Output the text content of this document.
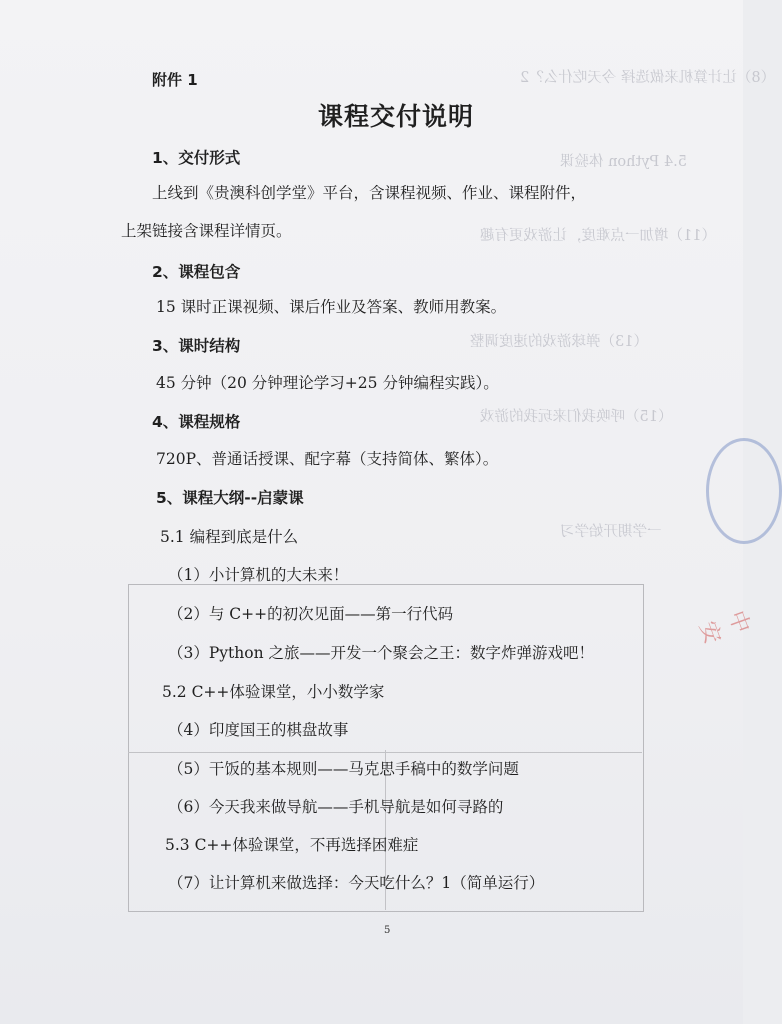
（8）让计算机来做选择 今天吃什么？2
5.4 Python 体验课
（11）增加一点难度，让游戏更有趣
（13）弹球游戏的速度调整
（15）呼唤我们来玩我的游戏
一学期开始学习
中 安
附件 1
课程交付说明
1、交付形式
上线到《贵澳科创学堂》平台，含课程视频、作业、课程附件，
上架链接含课程详情页。
2、课程包含
15 课时正课视频、课后作业及答案、教师用教案。
3、课时结构
45 分钟（20 分钟理论学习+25 分钟编程实践）。
4、课程规格
720P、普通话授课、配字幕（支持简体、繁体）。
5、课程大纲--启蒙课
5.1 编程到底是什么
（1）小计算机的大未来！
（2）与 C++的初次见面——第一行代码
（3）Python 之旅——开发一个聚会之王：数字炸弹游戏吧！
5.2 C++体验课堂，小小数学家
（4）印度国王的棋盘故事
（5）干饭的基本规则——马克思手稿中的数学问题
（6）今天我来做导航——手机导航是如何寻路的
5.3 C++体验课堂，不再选择困难症
（7）让计算机来做选择：今天吃什么？1（简单运行）
5
